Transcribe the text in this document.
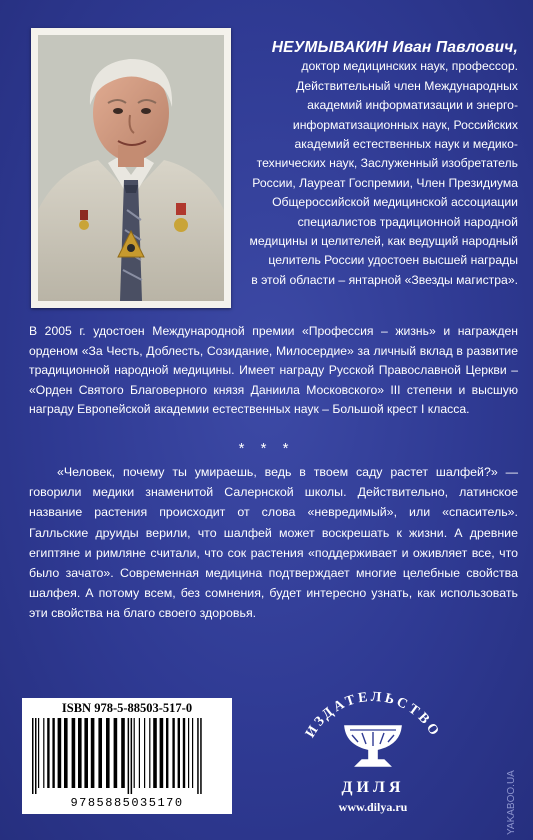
НЕУМЫВАКИН Иван Павлович,
доктор медицинских наук, профессор.
Действительный член Международных
академий информатизации и энерго-
информатизационных наук, Российских
академий естественных наук и медико-
технических наук, Заслуженный изобретатель
России, Лауреат Госпремии, Член Президиума
Общероссийской медицинской ассоциации
специалистов традиционной народной
медицины и целителей, как ведущий народный
целитель России удостоен высшей награды
в этой области – янтарной «Звезды магистра».
В 2005 г. удостоен Международной премии «Профессия – жизнь» и награжден орденом «За Честь, Доблесть, Созидание, Милосердие» за личный вклад в развитие традиционной народной медицины. Имеет награду Русской Православной Церкви – «Орден Святого Благоверного князя Даниила Московского» III степени и высшую награду Европейской академии естественных наук – Большой крест I класса.
* * *
«Человек, почему ты умираешь, ведь в твоем саду растет шалфей?» — говорили медики знаменитой Салернской школы. Действительно, латинское название растения происходит от слова «невредимый», или «спаситель». Галльские друиды верили, что шалфей может воскрешать к жизни. А древние египтяне и римляне считали, что сок растения «поддерживает и оживляет все, что было зачато». Современная медицина подтверждает многие целебные свойства шалфея. А потому всем, без сомнения, будет интересно узнать, как использовать эти свойства на благо своего здоровья.
ISBN 978-5-88503-517-0
9785885035170
ИЗДАТЕЛЬСТВО
ДИЛЯ
www.dilya.ru	YAKABOO.UA
